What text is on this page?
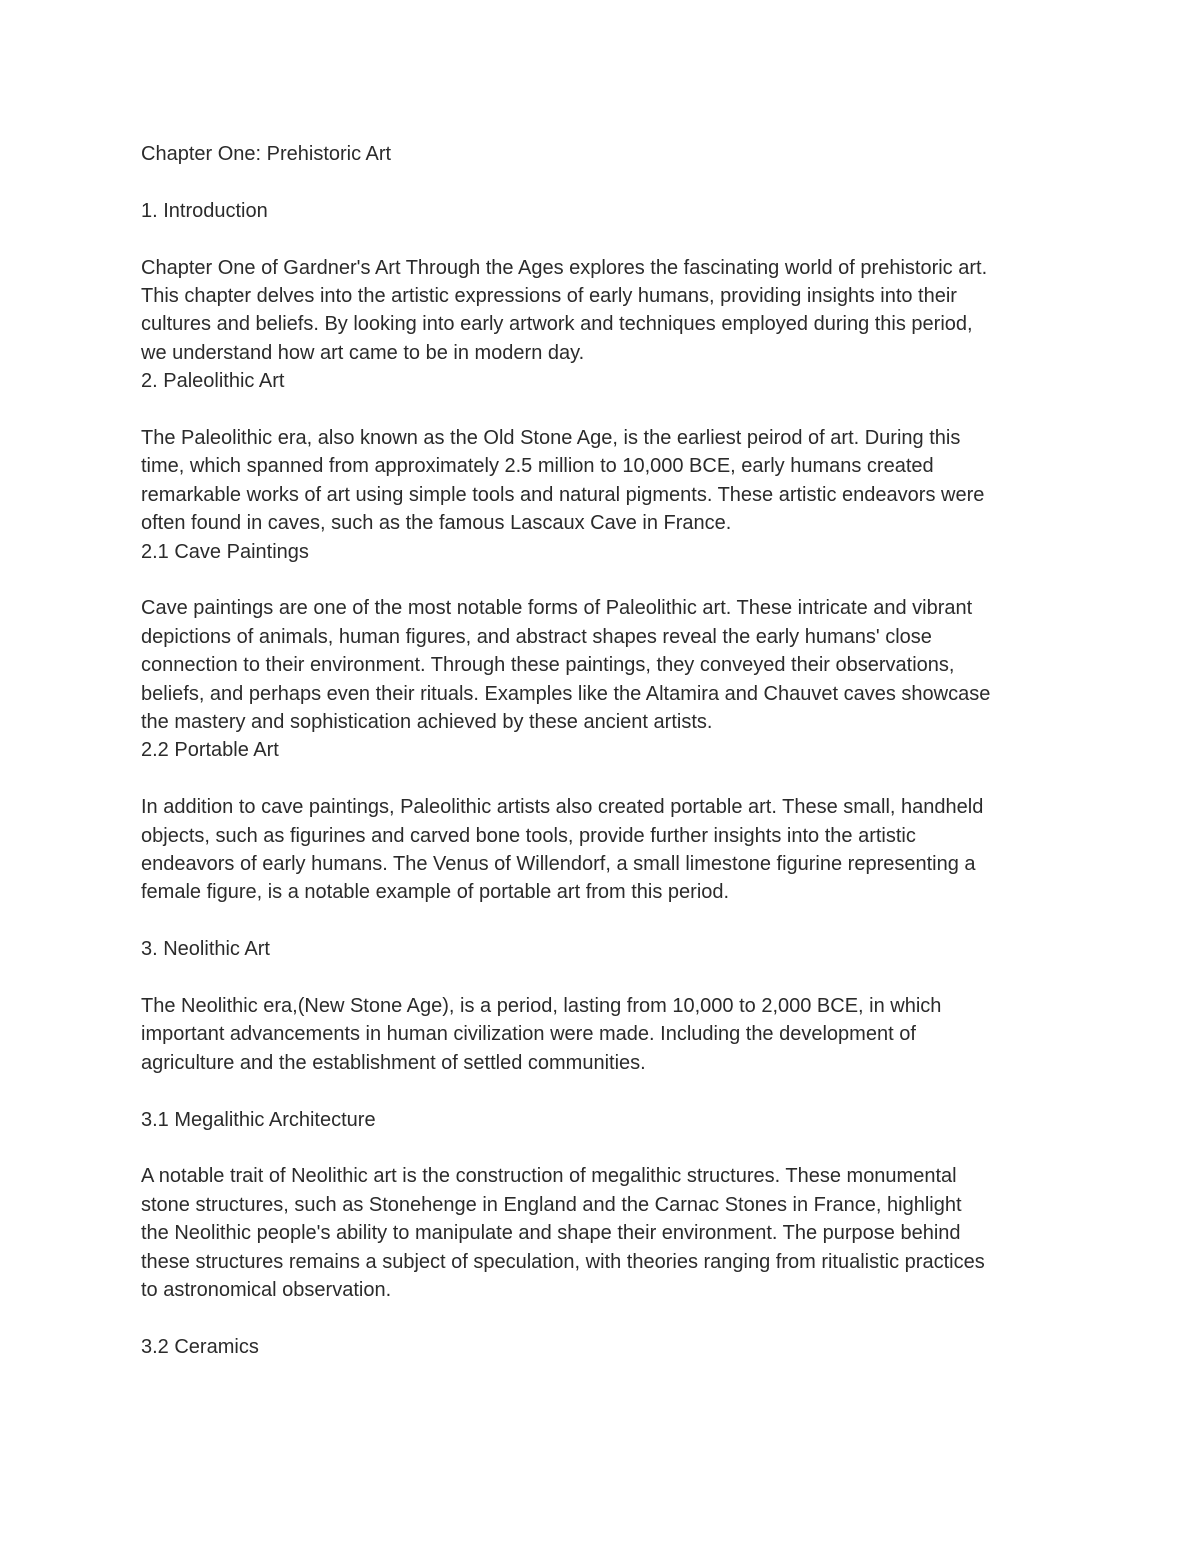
Chapter One: Prehistoric Art

1. Introduction

Chapter One of Gardner's Art Through the Ages explores the fascinating world of prehistoric art.

This chapter delves into the artistic expressions of early humans, providing insights into their

cultures and beliefs. By looking into early artwork and techniques employed during this period,

we understand how art came to be in modern day.

2. Paleolithic Art

The Paleolithic era, also known as the Old Stone Age, is the earliest peirod of art. During this

time, which spanned from approximately 2.5 million to 10,000 BCE, early humans created

remarkable works of art using simple tools and natural pigments. These artistic endeavors were

often found in caves, such as the famous Lascaux Cave in France.

2.1 Cave Paintings

Cave paintings are one of the most notable forms of Paleolithic art. These intricate and vibrant

depictions of animals, human figures, and abstract shapes reveal the early humans' close

connection to their environment. Through these paintings, they conveyed their observations,

beliefs, and perhaps even their rituals. Examples like the Altamira and Chauvet caves showcase

the mastery and sophistication achieved by these ancient artists.

2.2 Portable Art

In addition to cave paintings, Paleolithic artists also created portable art. These small, handheld

objects, such as figurines and carved bone tools, provide further insights into the artistic

endeavors of early humans. The Venus of Willendorf, a small limestone figurine representing a

female figure, is a notable example of portable art from this period.

3. Neolithic Art

The Neolithic era,(New Stone Age), is a period, lasting from 10,000 to 2,000 BCE, in which

important advancements in human civilization were made. Including the development of

agriculture and the establishment of settled communities.

3.1 Megalithic Architecture

A notable trait of Neolithic art is the construction of megalithic structures. These monumental

stone structures, such as Stonehenge in England and the Carnac Stones in France, highlight

the Neolithic people's ability to manipulate and shape their environment. The purpose behind

these structures remains a subject of speculation, with theories ranging from ritualistic practices

to astronomical observation.

3.2 Ceramics
